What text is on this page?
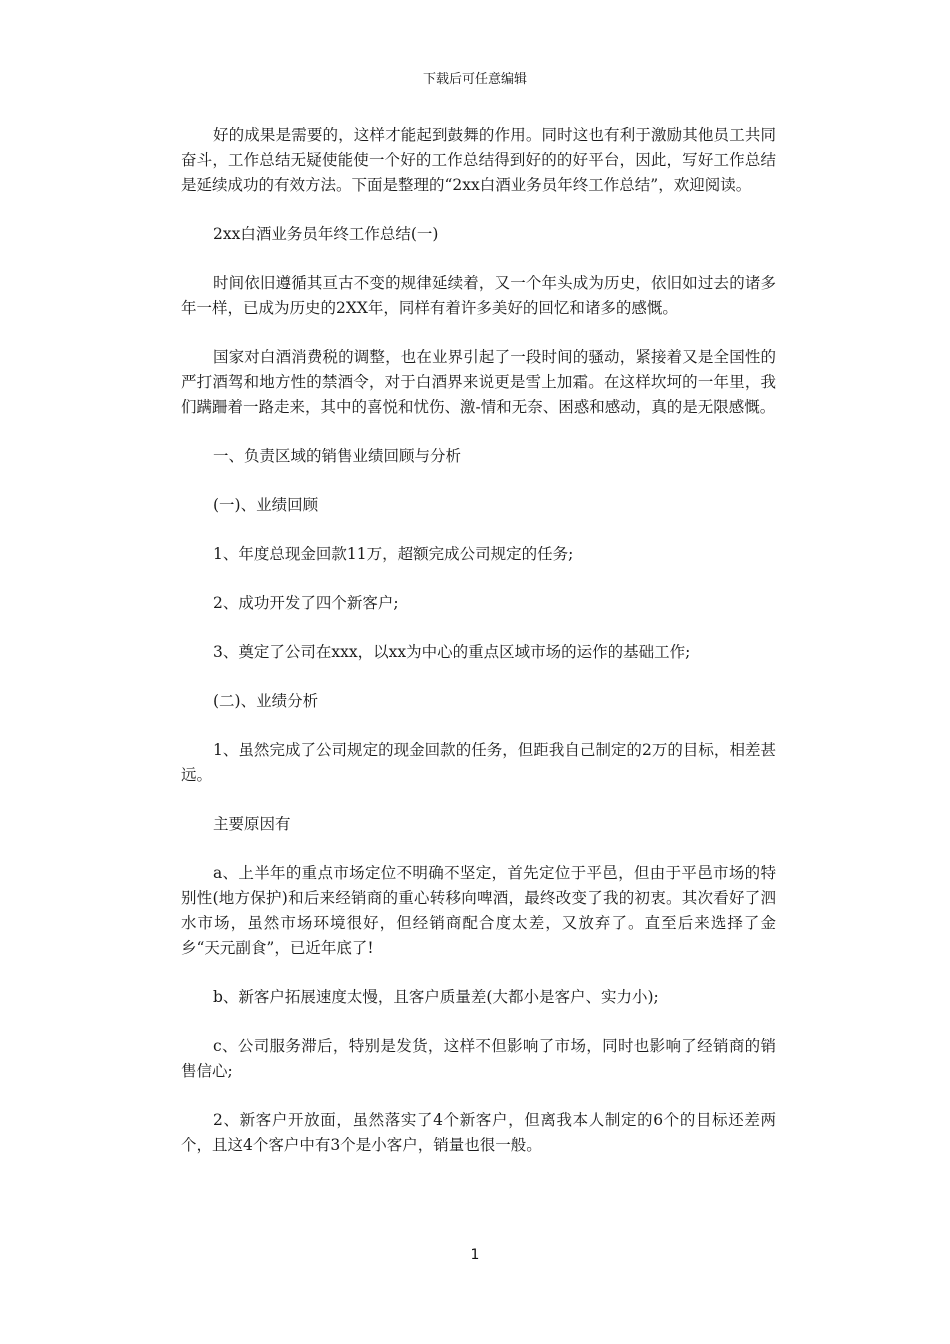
下载后可任意编辑

好的成果是需要的，这样才能起到鼓舞的作用。同时这也有利于激励其他员工共同奋斗，工作总结无疑使能使一个好的工作总结得到好的的好平台，因此，写好工作总结是延续成功的有效方法。下面是整理的“2xx白酒业务员年终工作总结”，欢迎阅读。

2xx白酒业务员年终工作总结(一)

时间依旧遵循其亘古不变的规律延续着，又一个年头成为历史，依旧如过去的诸多年一样，已成为历史的2XX年，同样有着许多美好的回忆和诸多的感慨。

国家对白酒消费税的调整，也在业界引起了一段时间的骚动，紧接着又是全国性的严打酒驾和地方性的禁酒令，对于白酒界来说更是雪上加霜。在这样坎坷的一年里，我们蹒跚着一路走来，其中的喜悦和忧伤、激-情和无奈、困惑和感动，真的是无限感慨。

一、负责区域的销售业绩回顾与分析

(一)、业绩回顾

1、年度总现金回款11万，超额完成公司规定的任务;

2、成功开发了四个新客户;

3、奠定了公司在xxx，以xx为中心的重点区域市场的运作的基础工作;

(二)、业绩分析

1、虽然完成了公司规定的现金回款的任务，但距我自己制定的2万的目标，相差甚远。

主要原因有

a、上半年的重点市场定位不明确不坚定，首先定位于平邑，但由于平邑市场的特别性(地方保护)和后来经销商的重心转移向啤酒，最终改变了我的初衷。其次看好了泗水市场，虽然市场环境很好，但经销商配合度太差，又放弃了。直至后来选择了金乡“天元副食”，已近年底了!

b、新客户拓展速度太慢，且客户质量差(大都小是客户、实力小);

c、公司服务滞后，特别是发货，这样不但影响了市场，同时也影响了经销商的销售信心;

2、新客户开放面，虽然落实了4个新客户，但离我本人制定的6个的目标还差两个，且这4个客户中有3个是小客户，销量也很一般。

1
